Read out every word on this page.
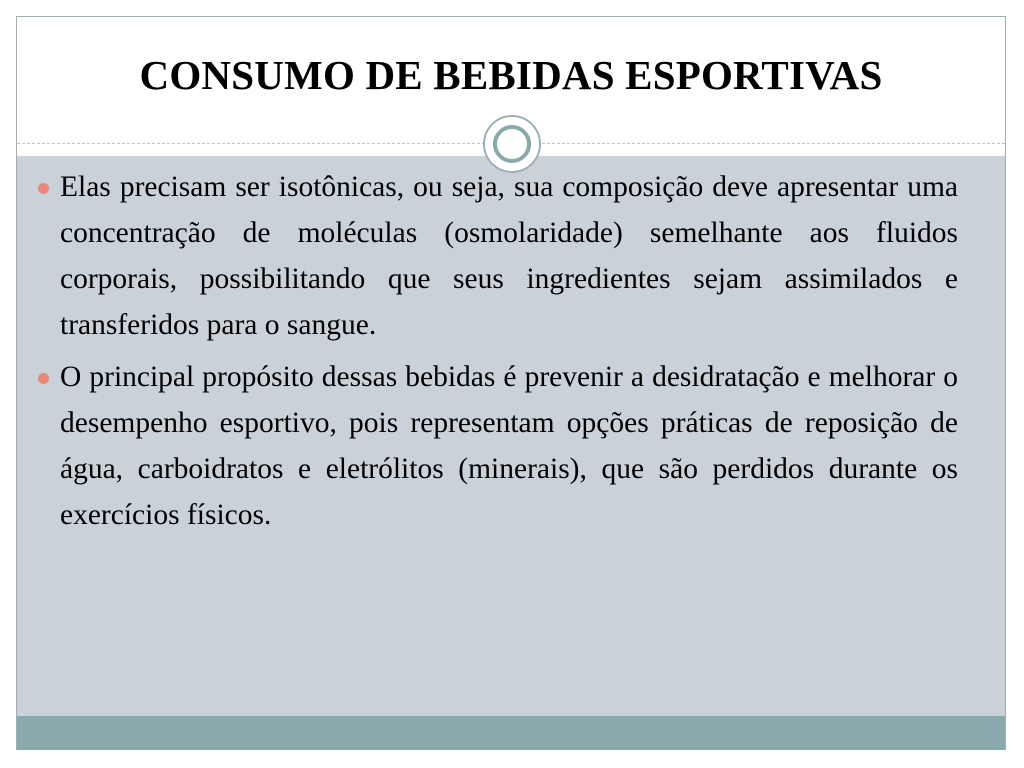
CONSUMO DE BEBIDAS ESPORTIVAS
Elas precisam ser isotônicas, ou seja, sua composição deve apresentar uma concentração de moléculas (osmolaridade) semelhante aos fluidos corporais, possibilitando que seus ingredientes sejam assimilados e transferidos para o sangue.
O principal propósito dessas bebidas é prevenir a desidratação e melhorar o desempenho esportivo, pois representam opções práticas de reposição de água, carboidratos e eletrólitos (minerais), que são perdidos durante os exercícios físicos.
